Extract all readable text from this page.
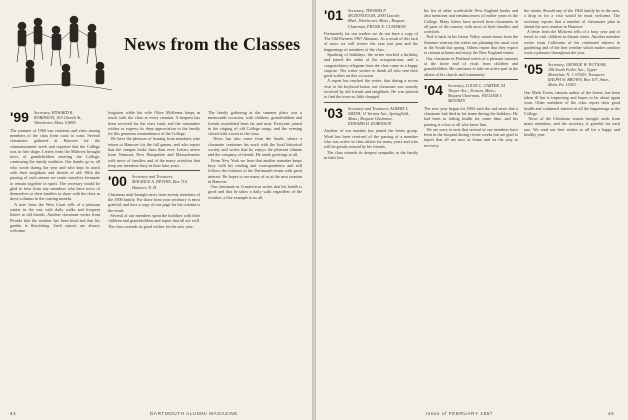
News from the Classes
'99 Secretary, EDWARD K. ROBINSON, 363 Church St., Winchester, Mass. 01890

The summer of 1966 saw reunions and visits among members of the class from coast to coast. Several classmates gathered at Hanover for the commencement week and reported that the College was in fine shape. Letters from the Midwest brought news of grandchildren entering the College, continuing the family tradition. Our thanks go to all who wrote during the year and who kept in touch with their neighbors and friends of old. With the passing of each season we count ourselves fortunate to remain together in spirit. The secretary would be glad to hear from any members who have news of themselves or their families to share with the class in these columns in the coming months.

A note from the West Coast tells of a pleasant winter in the sun, with daily walks and frequent letters to old friends. Another classmate writes from Florida that the weather has been kind and that his garden is flourishing. Such reports are always welcome.

forgotten while his wife Olive McKenna keeps in touch with the class at every reunion. A bequest has been received for the class fund, and the committee wishes to express its deep appreciation to the family for this generous remembrance of the College.

We have the pleasure of hearing from members who return to Hanover for the fall games, and who report that the campus looks finer than ever. Letters arrive from Vermont, New Hampshire and Massachusetts with news of families and of the many activities that keep our members busy in their later years.

'00 Secretary and Treasurer, MAURICE A. DEVINE, Box 714, Hanover, N. H.

Christmas mail brought news from twenty members of the 1900 family. For those from your secretary is most grateful, and here a copy of one page for his column is the result.

Several of our members spent the holidays with their children and grandchildren and report that all are well. The class extends its good wishes for the new year.

The family gathering at the summer place was a memorable occasion, with children, grandchildren and friends assembled from far and near. Everyone joined in the singing of old College songs, and the evening closed with a toast to the class.

News has also come from the South, where a classmate continues his work with the local historical society and writes that he enjoys the pleasant climate and the company of friends. He sends greetings to all.

From New York we hear that another member keeps busy with his reading and correspondence and still follows the fortunes of the Dartmouth teams with great interest. He hopes to see many of us at the next reunion in Hanover.

Our classmate in Connecticut writes that his health is good and that he takes a daily walk regardless of the weather, a fine example to us all.

44	DARTMOUTH ALUMNI MAGAZINE
'01 Secretary, THOMAS F. MCDONOUGH, 2000 Lincoln Blvd., Winchester, Mass.; Bequest Chairman, FRANK E. CUSHMAN

Fortunately for our readers we do not have a copy of The Old Farmers 1967 Almanac. As a result of this lack of news we will review the year just past and the happenings of members of the class.

Speaking of birthdays, the writer reached a birthday and joined the ranks of the octogenarians, and a congratulatory telegram from the class came as a happy surprise. The writer wishes to thank all who sent their good wishes on this occasion.

A report has reached the writer, that during a recent visit to his boyhood home, our classmate was warmly received by old friends and neighbors. He was pleased to find the town so little changed.

'03 Secretary and Treasurer, ALBERT L. SMITH, 11 Vernon Ave., Springfield, Mass.; Bequest Chairman, EDWARD H. ROBINSON

Another of our number has joined the better group. Word has been received of the passing of a member who was active in class affairs for many years and who will be greatly missed by his friends.

The class extends its deepest sympathy to the family in their loss.

his list of other worthwhile New England books and also mentions and reminiscences of earlier years in the College. Many letters have arrived from classmates in all parts of the country with news of their families and activities.

Ned is back in his Green Valley winter home from the Summer whereas the writes are planning the usual visit to the South this spring. Others report that they expect to remain at home and enjoy the New England winter.

Our classmate in Portland writes of a pleasant summer at the shore and of visits from children and grandchildren. He continues to take an active part in the affairs of his church and community.

'04 Secretary, LOUIS C. CARTER, 54 Thayer Ave., Newton, Mass.; Bequest Chairman, WILLIAM J. MOONEY

The new year began for 1904 with the sad news that a classmate had died in his home during the holidays. He had been in failing health for some time, and his passing is a loss to all who knew him.

We are sorry to note that several of our members have been in the hospital during recent weeks but are glad to report that all are now at home and on the way to recovery.

the winter. Should any of the 1904 family be in the area, a drop in for a visit would be most welcome. The secretary reports that a number of classmates plan to attend the next reunion in Hanover.

A letter from the Midwest tells of a busy year and of travel to visit children in distant states. Another member writes from California of his continued interest in gardening and of the fine weather which makes outdoor work a pleasure throughout the year.

'05 Secretary, GEORGE W. PUTNAM, 158 South Fuller Ave., Upper Montclair, N. J. 07043; Treasurer, RALPH W. BROWN, Box 107, Ames Main, Pa. 15501

Our Mark Twain, famous author of the letters, has been taken ill but is improving and hopes to be about again soon. Other members of the class report their good health and continued interest in all the happenings at the College.

News of the Christmas season brought cards from many members, and the secretary is grateful for each one. We send our best wishes to all for a happy and healthy year.

Issue of FEBRUARY 1967	45
